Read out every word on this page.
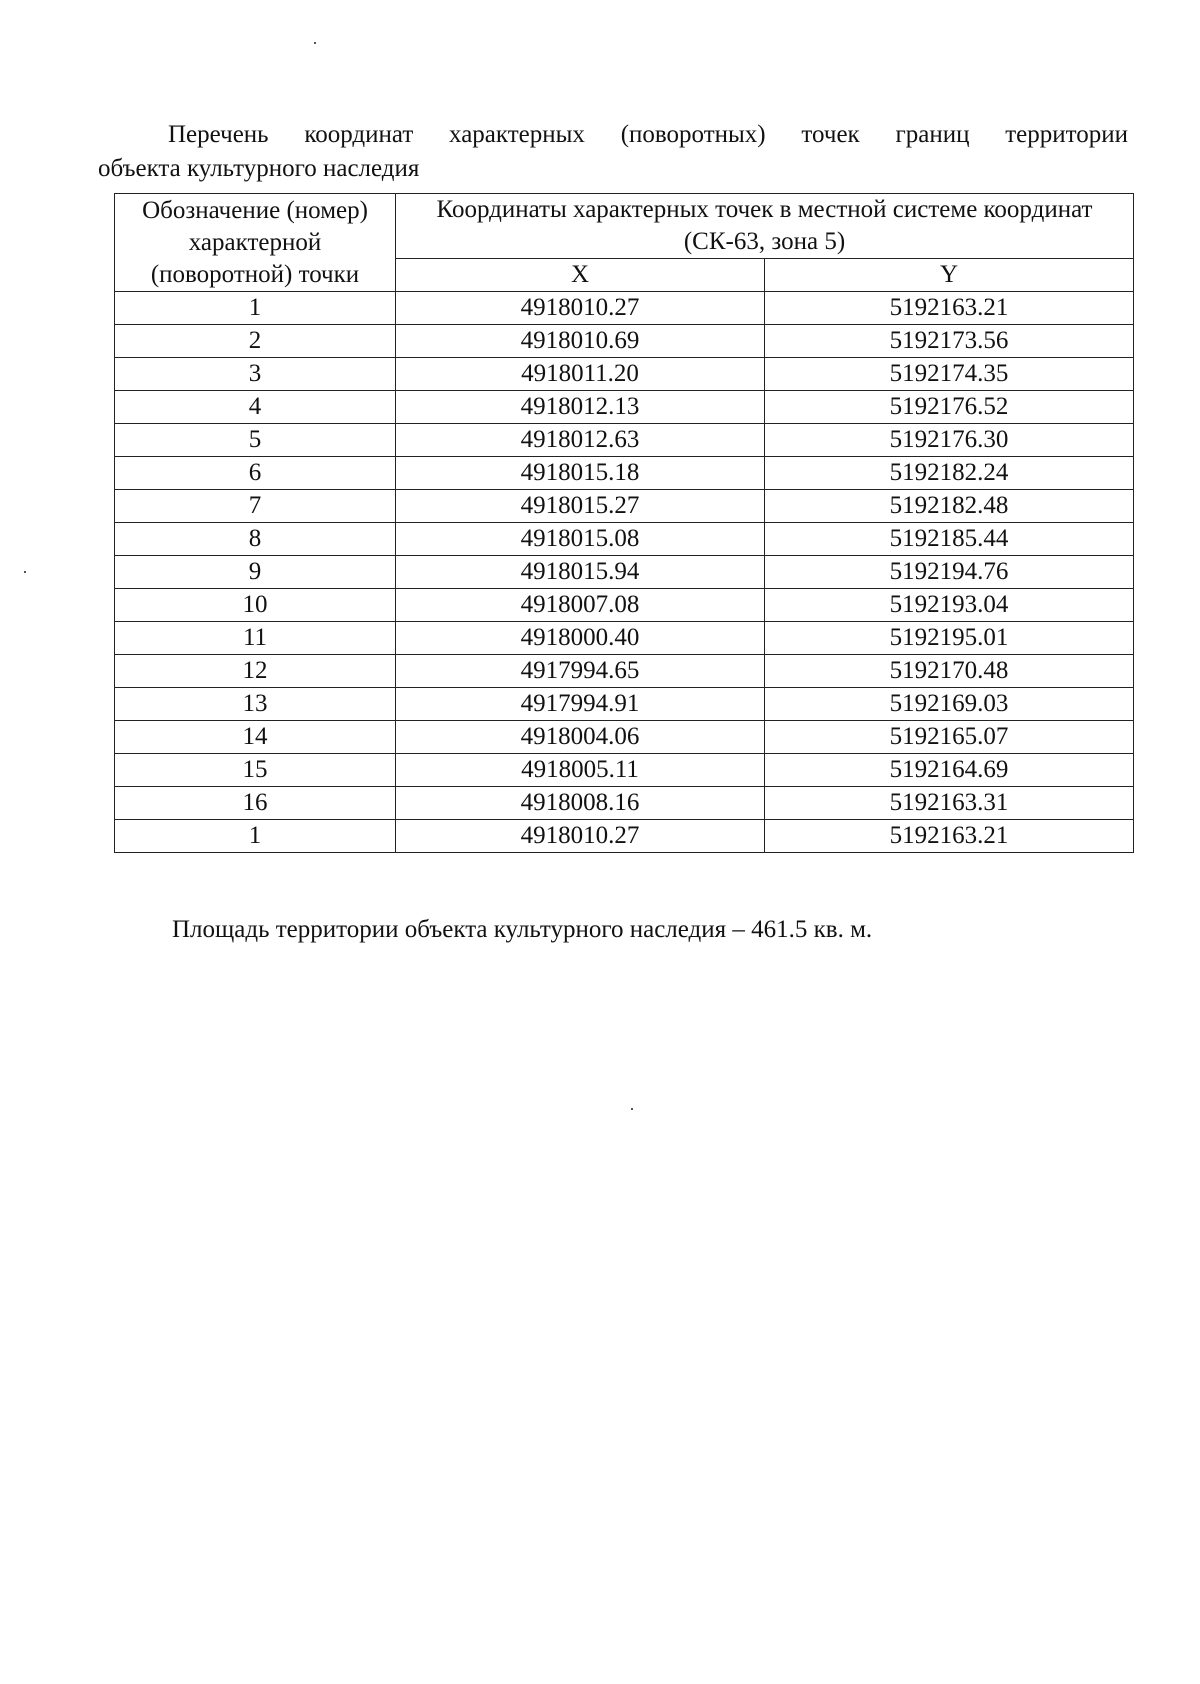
Перечень координат характерных (поворотных) точек границ территории
объекта культурного наследия
Обозначение (номер) характерной (поворотной) точки	Координаты характерных точек в местной системе координат (СК-63, зона 5)	
	X	Y
1	4918010.27	5192163.21
2	4918010.69	5192173.56
3	4918011.20	5192174.35
4	4918012.13	5192176.52
5	4918012.63	5192176.30
6	4918015.18	5192182.24
7	4918015.27	5192182.48
8	4918015.08	5192185.44
9	4918015.94	5192194.76
10	4918007.08	5192193.04
11	4918000.40	5192195.01
12	4917994.65	5192170.48
13	4917994.91	5192169.03
14	4918004.06	5192165.07
15	4918005.11	5192164.69
16	4918008.16	5192163.31
1	4918010.27	5192163.21
Площадь территории объекта культурного наследия – 461.5 кв. м.
